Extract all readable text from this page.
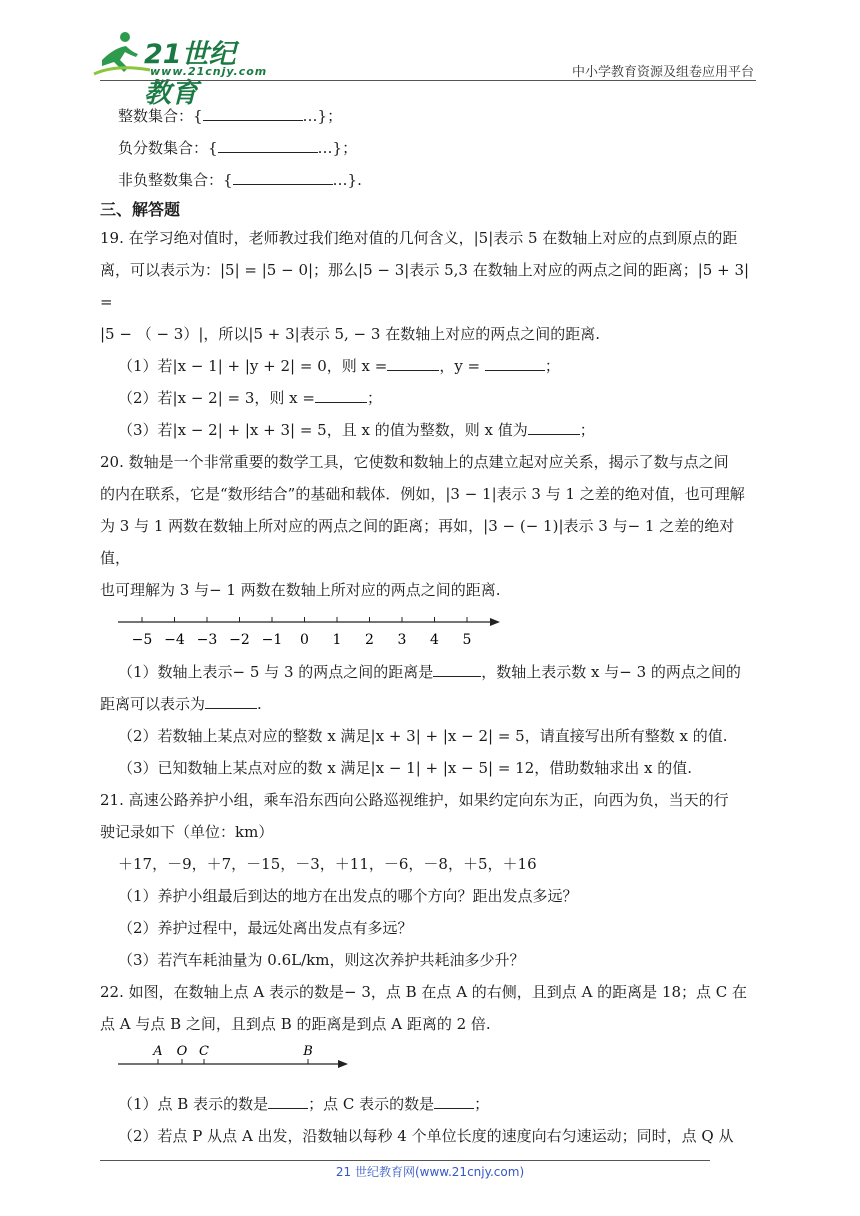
21世纪教育
www.21cnjy.com	中小学教育资源及组卷应用平台

整数集合：{	…}；

负分数集合：{	…}；

非负整数集合：{	…}.

三、解答题

19. 在学习绝对值时，老师教过我们绝对值的几何含义，|5|表示 5 在数轴上对应的点到原点的距

离，可以表示为：|5| = |5 − 0|；那么|5 − 3|表示 5,3 在数轴上对应的两点之间的距离；|5 + 3| =

|5 − （ − 3）|，所以|5 + 3|表示 5, − 3 在数轴上对应的两点之间的距离.

（1）若|x − 1| + |y + 2| = 0，则 x =	，y =	；

（2）若|x − 2| = 3，则 x =	；

（3）若|x − 2| + |x + 3| = 5，且 x 的值为整数，则 x 值为	；

20. 数轴是一个非常重要的数学工具，它使数和数轴上的点建立起对应关系，揭示了数与点之间

的内在联系，它是“数形结合”的基础和载体．例如，|3 − 1|表示 3 与 1 之差的绝对值，也可理解

为 3 与 1 两数在数轴上所对应的两点之间的距离；再如，|3 − (− 1)|表示 3 与− 1 之差的绝对值，

也可理解为 3 与− 1 两数在数轴上所对应的两点之间的距离.

−5 −4 −3 −2 −1 0 1 2 3 4 5

（1）数轴上表示− 5 与 3 的两点之间的距离是	，数轴上表示数 x 与− 3 的两点之间的

距离可以表示为	.

（2）若数轴上某点对应的整数 x 满足|x + 3| + |x − 2| = 5，请直接写出所有整数 x 的值.

（3）已知数轴上某点对应的数 x 满足|x − 1| + |x − 5| = 12，借助数轴求出 x 的值.

21. 高速公路养护小组，乘车沿东西向公路巡视维护，如果约定向东为正，向西为负，当天的行

驶记录如下（单位：km）

＋17，－9，＋7，－15，－3，＋11，－6，－8，＋5，＋16

（1）养护小组最后到达的地方在出发点的哪个方向？距出发点多远？

（2）养护过程中，最远处离出发点有多远？

（3）若汽车耗油量为 0.6L/km，则这次养护共耗油多少升？

22. 如图，在数轴上点 A 表示的数是− 3，点 B 在点 A 的右侧，且到点 A 的距离是 18；点 C 在

点 A 与点 B 之间，且到点 B 的距离是到点 A 距离的 2 倍.

A O C	B

（1）点 B 表示的数是	；点 C 表示的数是	；

（2）若点 P 从点 A 出发，沿数轴以每秒 4 个单位长度的速度向右匀速运动；同时，点 Q 从

21 世纪教育网(www.21cnjy.com)
